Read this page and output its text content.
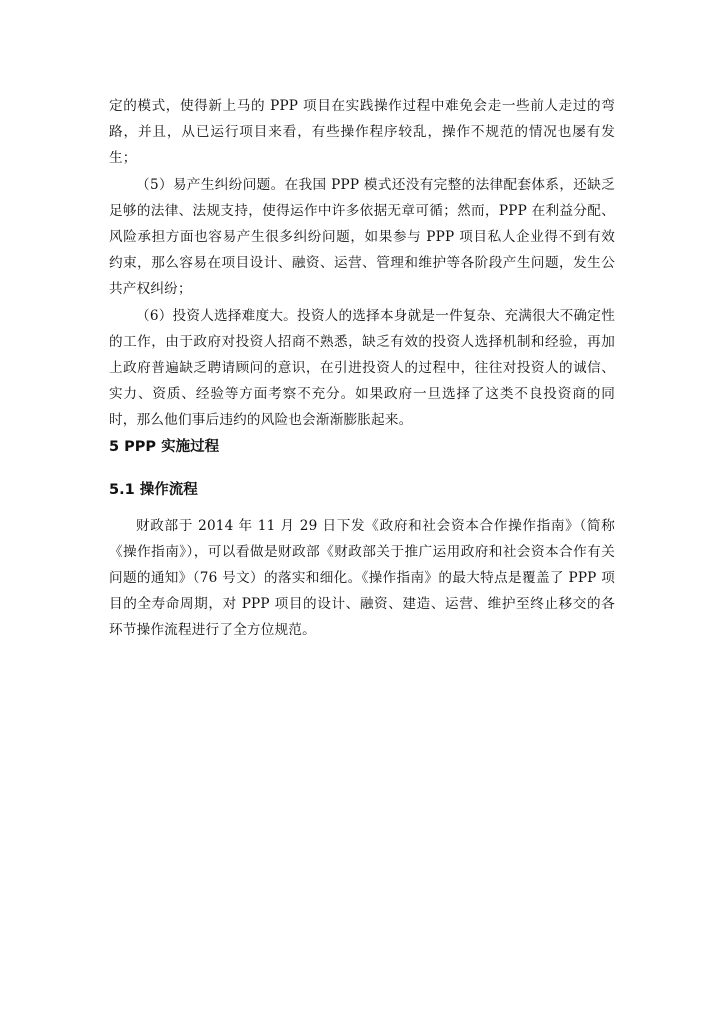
定的模式，使得新上马的 PPP 项目在实践操作过程中难免会走一些前人走过的弯路，并且，从已运行项目来看，有些操作程序较乱，操作不规范的情况也屡有发生；

（5）易产生纠纷问题。在我国 PPP 模式还没有完整的法律配套体系，还缺乏足够的法律、法规支持，使得运作中许多依据无章可循；然而，PPP 在利益分配、风险承担方面也容易产生很多纠纷问题，如果参与 PPP 项目私人企业得不到有效约束，那么容易在项目设计、融资、运营、管理和维护等各阶段产生问题，发生公共产权纠纷；

（6）投资人选择难度大。投资人的选择本身就是一件复杂、充满很大不确定性的工作，由于政府对投资人招商不熟悉，缺乏有效的投资人选择机制和经验，再加上政府普遍缺乏聘请顾问的意识，在引进投资人的过程中，往往对投资人的诚信、实力、资质、经验等方面考察不充分。如果政府一旦选择了这类不良投资商的同时，那么他们事后违约的风险也会渐渐膨胀起来。

5 PPP 实施过程
5.1 操作流程

财政部于 2014 年 11 月 29 日下发《政府和社会资本合作操作指南》（简称《操作指南》），可以看做是财政部《财政部关于推广运用政府和社会资本合作有关问题的通知》（76 号文）的落实和细化。《操作指南》的最大特点是覆盖了 PPP 项目的全寿命周期，对 PPP 项目的设计、融资、建造、运营、维护至终止移交的各环节操作流程进行了全方位规范。
